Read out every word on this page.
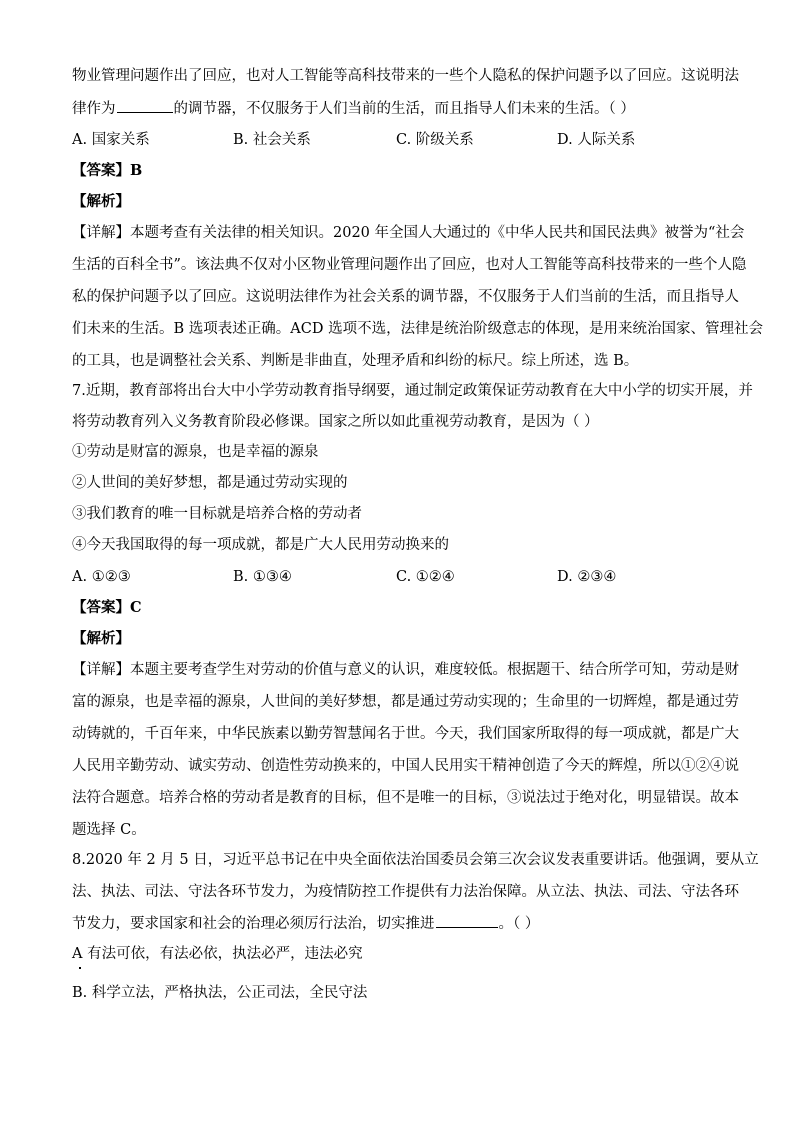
物业管理问题作出了回应，也对人工智能等高科技带来的一些个人隐私的保护问题予以了回应。这说明法
律作为	的调节器，不仅服务于人们当前的生活，而且指导人们未来的生活。（ ）
A. 国家关系	B. 社会关系	C. 阶级关系	D. 人际关系
【答案】B
【解析】
【详解】本题考查有关法律的相关知识。2020 年全国人大通过的《中华人民共和国民法典》被誉为“社会
生活的百科全书”。该法典不仅对小区物业管理问题作出了回应，也对人工智能等高科技带来的一些个人隐
私的保护问题予以了回应。这说明法律作为社会关系的调节器，不仅服务于人们当前的生活，而且指导人
们未来的生活。B 选项表述正确。ACD 选项不选，法律是统治阶级意志的体现，是用来统治国家、管理社会
的工具，也是调整社会关系、判断是非曲直，处理矛盾和纠纷的标尺。综上所述，选 B。
7.近期，教育部将出台大中小学劳动教育指导纲要，通过制定政策保证劳动教育在大中小学的切实开展，并
将劳动教育列入义务教育阶段必修课。国家之所以如此重视劳动教育，是因为（ ）
①劳动是财富的源泉，也是幸福的源泉
②人世间的美好梦想，都是通过劳动实现的
③我们教育的唯一目标就是培养合格的劳动者
④今天我国取得的每一项成就，都是广大人民用劳动换来的
A. ①②③	B. ①③④	C. ①②④	D. ②③④
【答案】C
【解析】
【详解】本题主要考查学生对劳动的价值与意义的认识，难度较低。根据题干、结合所学可知，劳动是财
富的源泉，也是幸福的源泉，人世间的美好梦想，都是通过劳动实现的；生命里的一切辉煌，都是通过劳
动铸就的，千百年来，中华民族素以勤劳智慧闻名于世。今天，我们国家所取得的每一项成就，都是广大
人民用辛勤劳动、诚实劳动、创造性劳动换来的，中国人民用实干精神创造了今天的辉煌，所以①②④说
法符合题意。培养合格的劳动者是教育的目标，但不是唯一的目标，③说法过于绝对化，明显错误。故本
题选择 C。
8.2020 年 2 月 5 日，习近平总书记在中央全面依法治国委员会第三次会议发表重要讲话。他强调，要从立
法、执法、司法、守法各环节发力，为疫情防控工作提供有力法治保障。从立法、执法、司法、守法各环
节发力，要求国家和社会的治理必须厉行法治，切实推进	。（ ）
A 有法可依，有法必依，执法必严，违法必究
B. 科学立法，严格执法，公正司法，全民守法
